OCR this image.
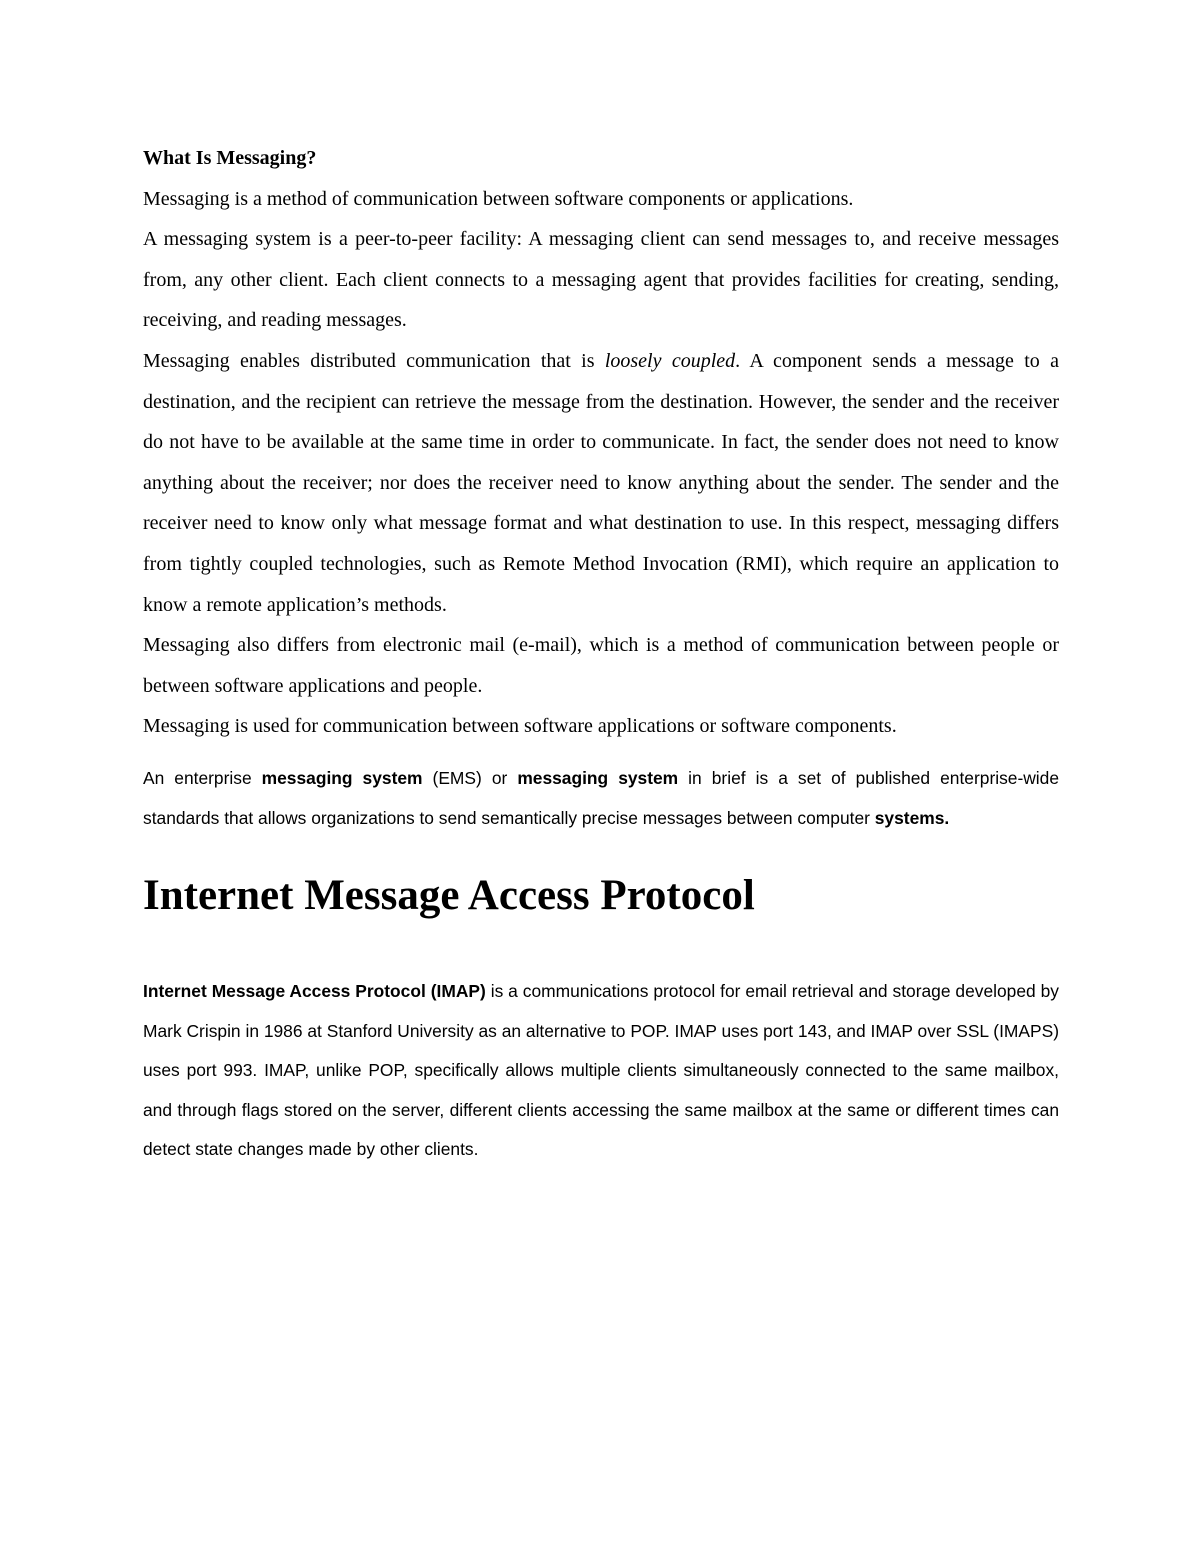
What Is Messaging?

Messaging is a method of communication between software components or applications.

A messaging system is a peer-to-peer facility: A messaging client can send messages to, and receive messages from, any other client. Each client connects to a messaging agent that provides facilities for creating, sending, receiving, and reading messages.

Messaging enables distributed communication that is loosely coupled. A component sends a message to a destination, and the recipient can retrieve the message from the destination. However, the sender and the receiver do not have to be available at the same time in order to communicate. In fact, the sender does not need to know anything about the receiver; nor does the receiver need to know anything about the sender. The sender and the receiver need to know only what message format and what destination to use. In this respect, messaging differs from tightly coupled technologies, such as Remote Method Invocation (RMI), which require an application to know a remote application’s methods.

Messaging also differs from electronic mail (e-mail), which is a method of communication between people or between software applications and people.

Messaging is used for communication between software applications or software components.

An enterprise messaging system (EMS) or messaging system in brief is a set of published enterprise-wide standards that allows organizations to send semantically precise messages between computer systems.

Internet Message Access Protocol

Internet Message Access Protocol (IMAP) is a communications protocol for email retrieval and storage developed by Mark Crispin in 1986 at Stanford University as an alternative to POP. IMAP uses port 143, and IMAP over SSL (IMAPS) uses port 993. IMAP, unlike POP, specifically allows multiple clients simultaneously connected to the same mailbox, and through flags stored on the server, different clients accessing the same mailbox at the same or different times can detect state changes made by other clients.
